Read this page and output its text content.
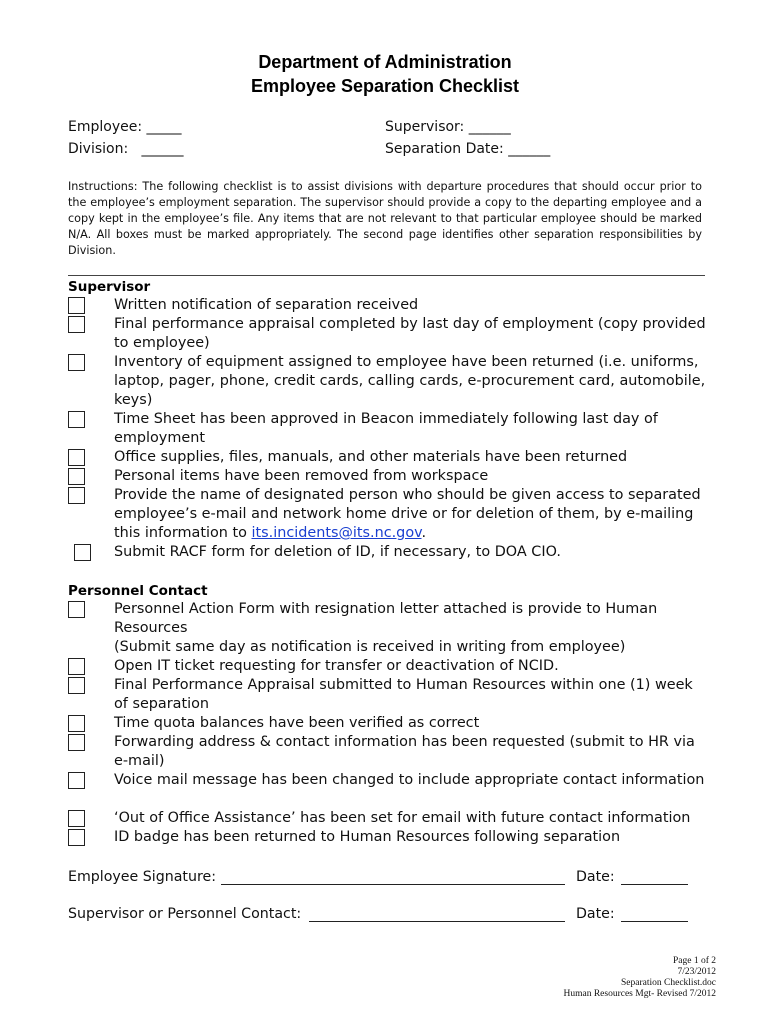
Department of Administration
Employee Separation Checklist
Employee: _____	Supervisor: ______
Division:   ______	Separation Date: ______
Instructions: The following checklist is to assist divisions with departure procedures that should occur prior to the employee’s employment separation. The supervisor should provide a copy to the departing employee and a copy kept in the employee’s file. Any items that are not relevant to that particular employee should be marked N/A. All boxes must be marked appropriately. The second page identifies other separation responsibilities by Division.
Supervisor
Written notification of separation received
Final performance appraisal completed by last day of employment (copy provided to employee)
Inventory of equipment assigned to employee have been returned (i.e. uniforms, laptop, pager, phone, credit cards, calling cards, e-procurement card, automobile, keys)
Time Sheet has been approved in Beacon immediately following last day of employment
Office supplies, files, manuals, and other materials have been returned
Personal items have been removed from workspace
Provide the name of designated person who should be given access to separated employee’s e-mail and network home drive or for deletion of them, by e-mailing this information to its.incidents@its.nc.gov.
Submit RACF form for deletion of ID, if necessary, to DOA CIO.
Personnel Contact
Personnel Action Form with resignation letter attached is provide to Human Resources
(Submit same day as notification is received in writing from employee)
Open IT ticket requesting for transfer or deactivation of NCID.
Final Performance Appraisal submitted to Human Resources within one (1) week of separation
Time quota balances have been verified as correct
Forwarding address & contact information has been requested (submit to HR via e-mail)
Voice mail message has been changed to include appropriate contact information
‘Out of Office Assistance’ has been set for email with future contact information
ID badge has been returned to Human Resources following separation
Employee Signature:	Date:
Supervisor or Personnel Contact:	Date:
Page 1 of 2
7/23/2012
Separation Checklist.doc
Human Resources Mgt- Revised 7/2012
